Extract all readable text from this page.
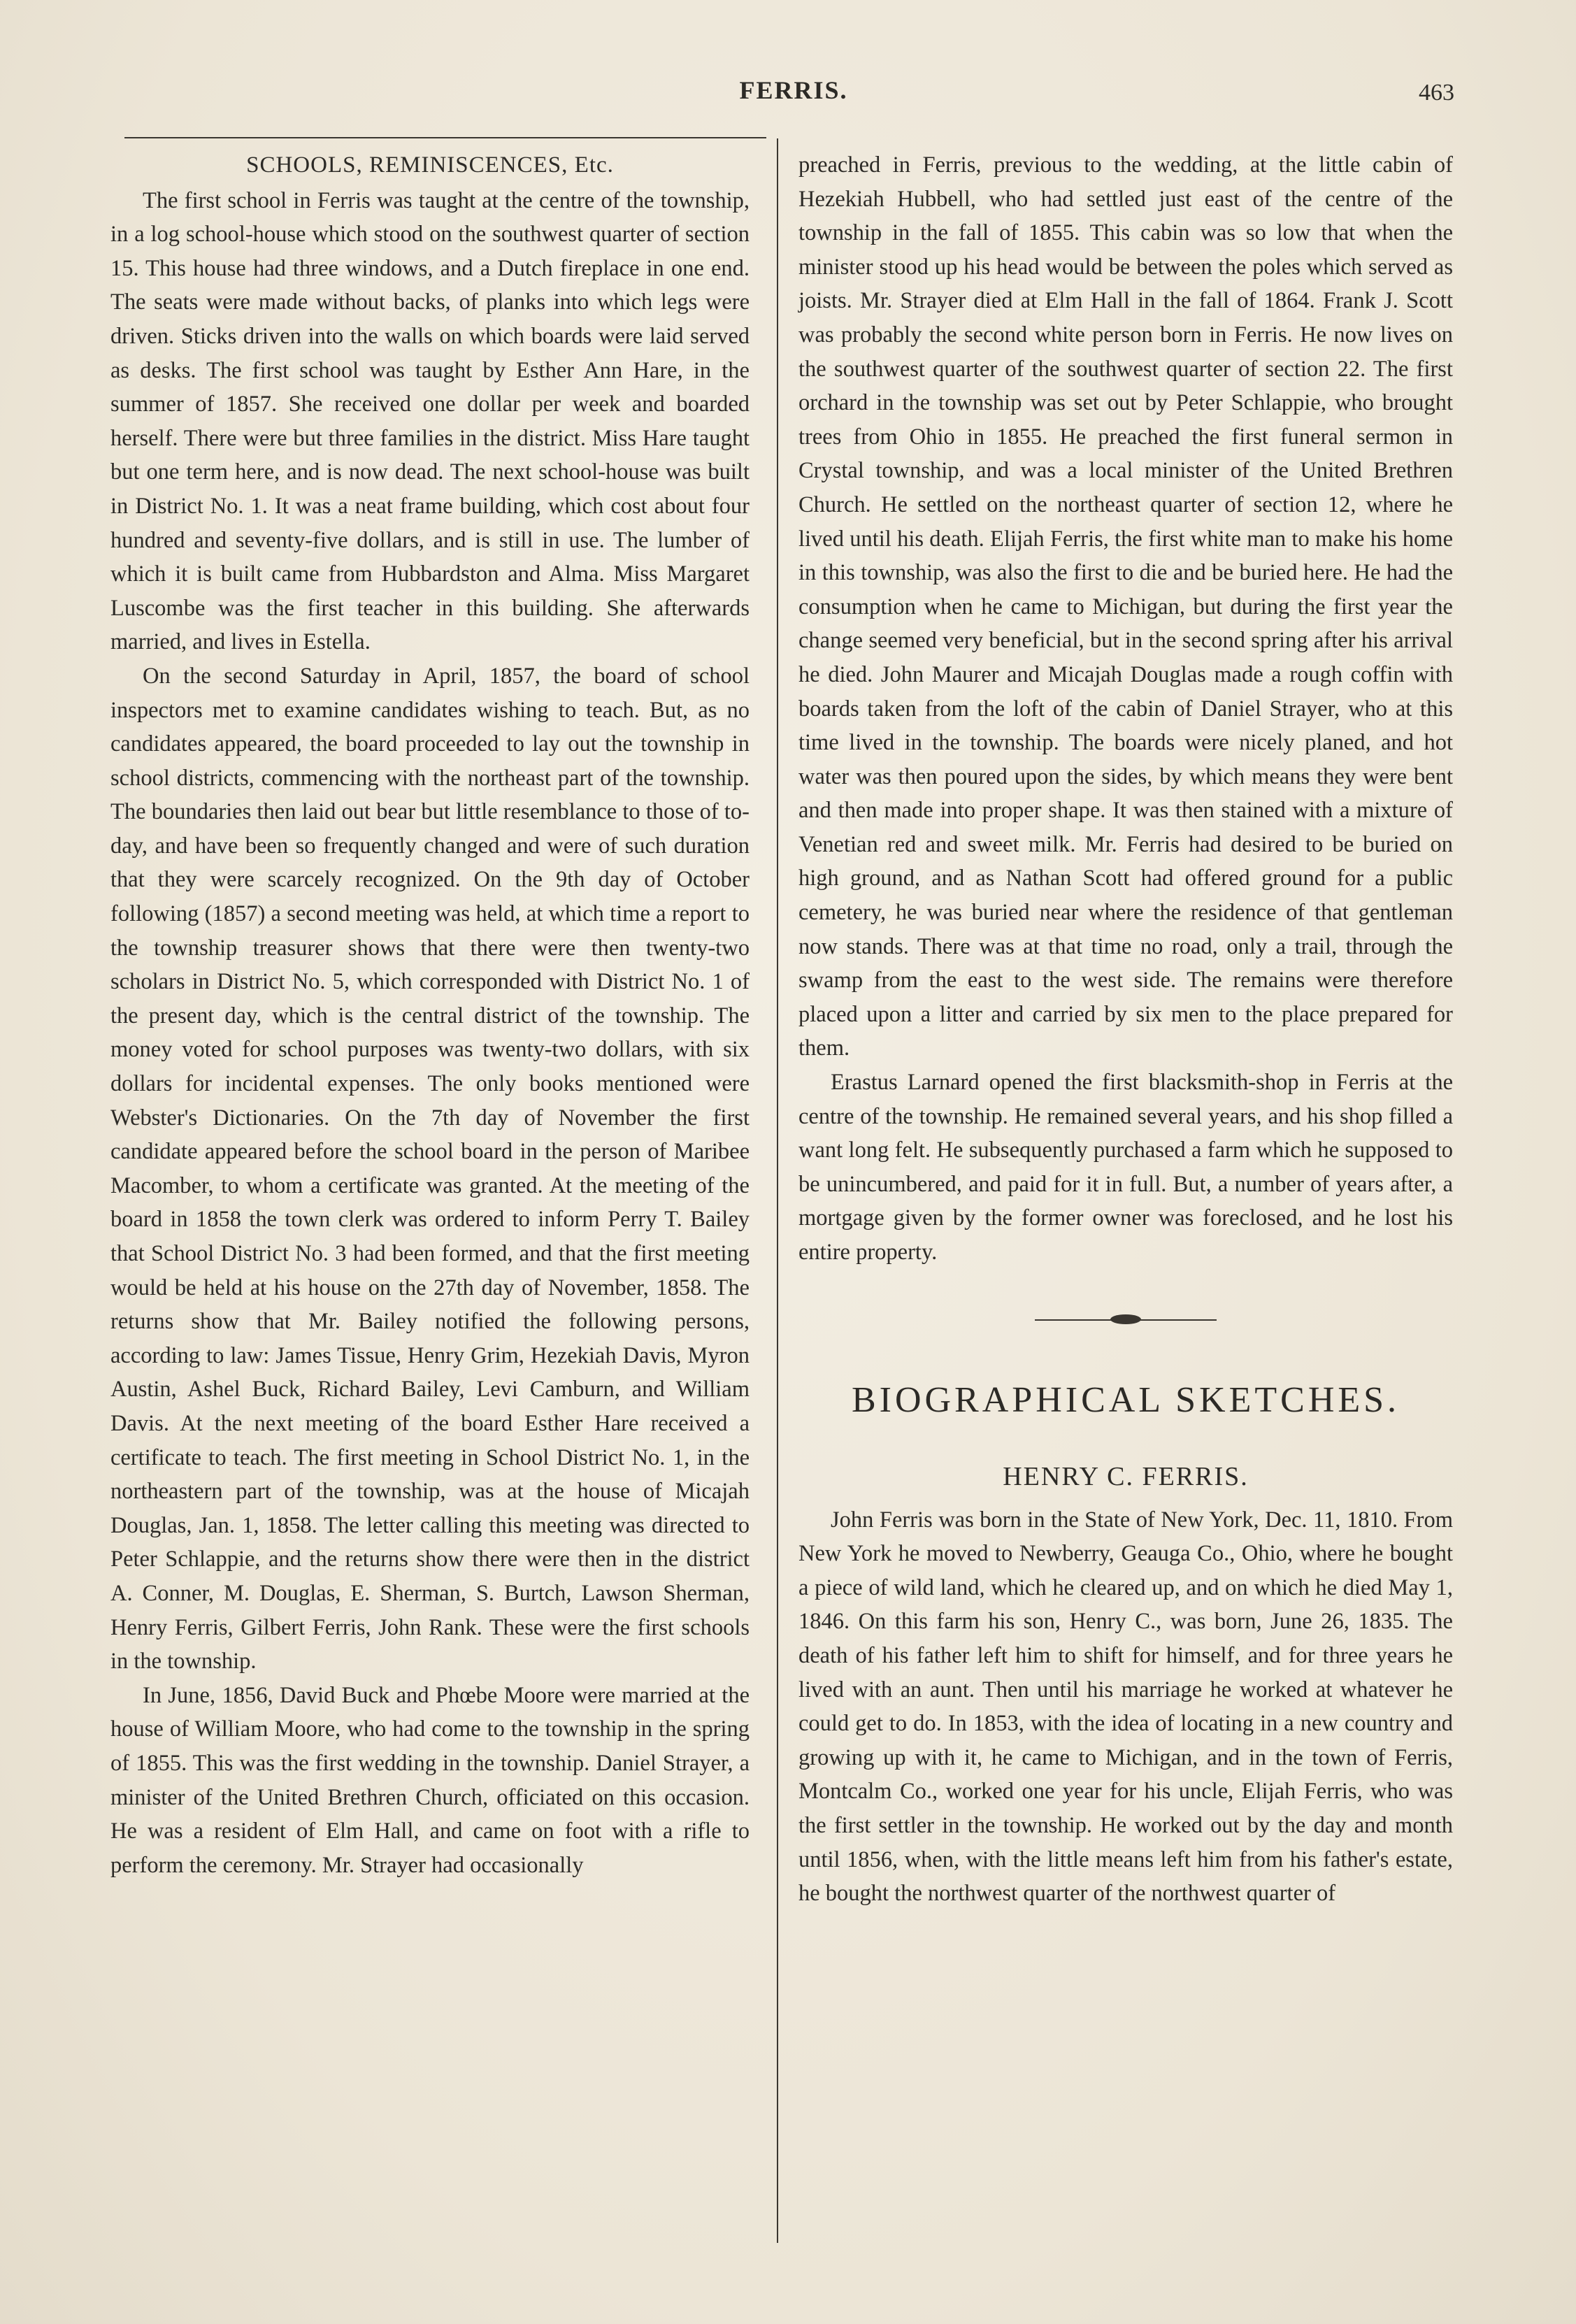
FERRIS.	463
SCHOOLS, REMINISCENCES, Etc.

The first school in Ferris was taught at the centre of the township, in a log school-house which stood on the southwest quarter of section 15. This house had three windows, and a Dutch fireplace in one end. The seats were made without backs, of planks into which legs were driven. Sticks driven into the walls on which boards were laid served as desks. The first school was taught by Esther Ann Hare, in the summer of 1857. She received one dollar per week and boarded herself. There were but three families in the district. Miss Hare taught but one term here, and is now dead. The next school-house was built in District No. 1. It was a neat frame building, which cost about four hundred and seventy-five dollars, and is still in use. The lumber of which it is built came from Hubbardston and Alma. Miss Margaret Luscombe was the first teacher in this building. She afterwards married, and lives in Estella.

On the second Saturday in April, 1857, the board of school inspectors met to examine candidates wishing to teach. But, as no candidates appeared, the board proceeded to lay out the township in school districts, commencing with the northeast part of the township. The boundaries then laid out bear but little resemblance to those of to-day, and have been so frequently changed and were of such duration that they were scarcely recognized. On the 9th day of October following (1857) a second meeting was held, at which time a report to the township treasurer shows that there were then twenty-two scholars in District No. 5, which corresponded with District No. 1 of the present day, which is the central district of the township. The money voted for school purposes was twenty-two dollars, with six dollars for incidental expenses. The only books mentioned were Webster's Dictionaries. On the 7th day of November the first candidate appeared before the school board in the person of Maribee Macomber, to whom a certificate was granted. At the meeting of the board in 1858 the town clerk was ordered to inform Perry T. Bailey that School District No. 3 had been formed, and that the first meeting would be held at his house on the 27th day of November, 1858. The returns show that Mr. Bailey notified the following persons, according to law: James Tissue, Henry Grim, Hezekiah Davis, Myron Austin, Ashel Buck, Richard Bailey, Levi Camburn, and William Davis. At the next meeting of the board Esther Hare received a certificate to teach. The first meeting in School District No. 1, in the northeastern part of the township, was at the house of Micajah Douglas, Jan. 1, 1858. The letter calling this meeting was directed to Peter Schlappie, and the returns show there were then in the district A. Conner, M. Douglas, E. Sherman, S. Burtch, Lawson Sherman, Henry Ferris, Gilbert Ferris, John Rank. These were the first schools in the township.

In June, 1856, David Buck and Phœbe Moore were married at the house of William Moore, who had come to the township in the spring of 1855. This was the first wedding in the township. Daniel Strayer, a minister of the United Brethren Church, officiated on this occasion. He was a resident of Elm Hall, and came on foot with a rifle to perform the ceremony. Mr. Strayer had occasionally

preached in Ferris, previous to the wedding, at the little cabin of Hezekiah Hubbell, who had settled just east of the centre of the township in the fall of 1855. This cabin was so low that when the minister stood up his head would be between the poles which served as joists. Mr. Strayer died at Elm Hall in the fall of 1864. Frank J. Scott was probably the second white person born in Ferris. He now lives on the southwest quarter of the southwest quarter of section 22. The first orchard in the township was set out by Peter Schlappie, who brought trees from Ohio in 1855. He preached the first funeral sermon in Crystal township, and was a local minister of the United Brethren Church. He settled on the northeast quarter of section 12, where he lived until his death. Elijah Ferris, the first white man to make his home in this township, was also the first to die and be buried here. He had the consumption when he came to Michigan, but during the first year the change seemed very beneficial, but in the second spring after his arrival he died. John Maurer and Micajah Douglas made a rough coffin with boards taken from the loft of the cabin of Daniel Strayer, who at this time lived in the township. The boards were nicely planed, and hot water was then poured upon the sides, by which means they were bent and then made into proper shape. It was then stained with a mixture of Venetian red and sweet milk. Mr. Ferris had desired to be buried on high ground, and as Nathan Scott had offered ground for a public cemetery, he was buried near where the residence of that gentleman now stands. There was at that time no road, only a trail, through the swamp from the east to the west side. The remains were therefore placed upon a litter and carried by six men to the place prepared for them.

Erastus Larnard opened the first blacksmith-shop in Ferris at the centre of the township. He remained several years, and his shop filled a want long felt. He subsequently purchased a farm which he supposed to be unincumbered, and paid for it in full. But, a number of years after, a mortgage given by the former owner was foreclosed, and he lost his entire property.

BIOGRAPHICAL SKETCHES.
HENRY C. FERRIS.

John Ferris was born in the State of New York, Dec. 11, 1810. From New York he moved to Newberry, Geauga Co., Ohio, where he bought a piece of wild land, which he cleared up, and on which he died May 1, 1846. On this farm his son, Henry C., was born, June 26, 1835. The death of his father left him to shift for himself, and for three years he lived with an aunt. Then until his marriage he worked at whatever he could get to do. In 1853, with the idea of locating in a new country and growing up with it, he came to Michigan, and in the town of Ferris, Montcalm Co., worked one year for his uncle, Elijah Ferris, who was the first settler in the township. He worked out by the day and month until 1856, when, with the little means left him from his father's estate, he bought the northwest quarter of the northwest quarter of
